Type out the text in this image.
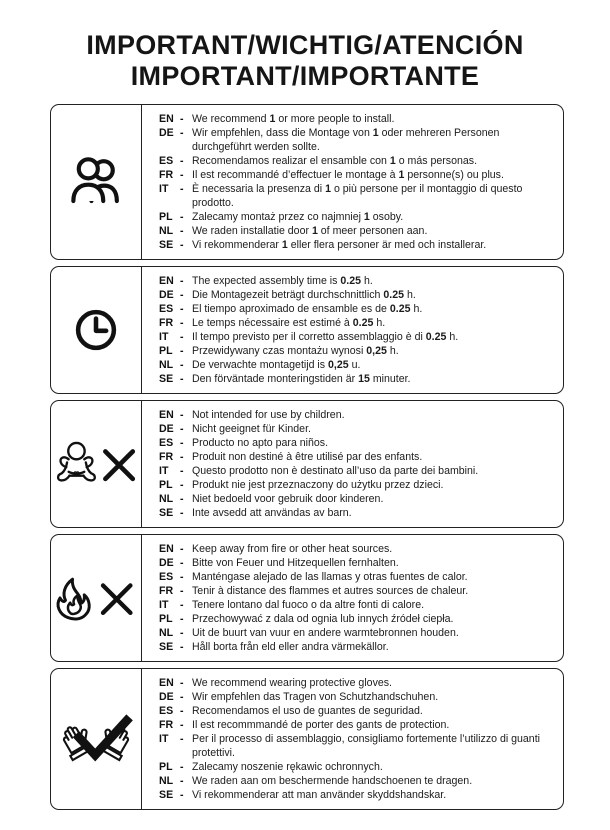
IMPORTANT/WICHTIG/ATENCIÓN
IMPORTANT/IMPORTANTE
EN - We recommend 1 or more people to install.
DE - Wir empfehlen, dass die Montage von 1 oder mehreren Personen durchgeführt werden sollte.
ES - Recomendamos realizar el ensamble con 1 o más personas.
FR - Il est recommandé d’effectuer le montage à 1 personne(s) ou plus.
IT - È necessaria la presenza di 1 o più persone per il montaggio di questo prodotto.
PL - Zalecamy montaż przez co najmniej 1 osoby.
NL - We raden installatie door 1 of meer personen aan.
SE - Vi rekommenderar 1 eller flera personer är med och installerar.
EN - The expected assembly time is 0.25 h.
DE - Die Montagezeit beträgt durchschnittlich 0.25 h.
ES - El tiempo aproximado de ensamble es de 0.25 h.
FR - Le temps nécessaire est estimé à 0.25 h.
IT - Il tempo previsto per il corretto assemblaggio è di 0.25 h.
PL - Przewidywany czas montażu wynosi 0,25 h.
NL - De verwachte montagetijd is 0,25 u.
SE - Den förväntade monteringstiden är 15 minuter.
EN - Not intended for use by children.
DE - Nicht geeignet für Kinder.
ES - Producto no apto para niños.
FR - Produit non destiné à être utilisé par des enfants.
IT - Questo prodotto non è destinato all’uso da parte dei bambini.
PL - Produkt nie jest przeznaczony do użytku przez dzieci.
NL - Niet bedoeld voor gebruik door kinderen.
SE - Inte avsedd att användas av barn.
EN - Keep away from fire or other heat sources.
DE - Bitte von Feuer und Hitzequellen fernhalten.
ES - Manténgase alejado de las llamas y otras fuentes de calor.
FR - Tenir à distance des flammes et autres sources de chaleur.
IT - Tenere lontano dal fuoco o da altre fonti di calore.
PL - Przechowywać z dala od ognia lub innych źródeł ciepła.
NL - Uit de buurt van vuur en andere warmtebronnen houden.
SE - Håll borta från eld eller andra värmekällor.
EN - We recommend wearing protective gloves.
DE - Wir empfehlen das Tragen von Schutzhandschuhen.
ES - Recomendamos el uso de guantes de seguridad.
FR - Il est recommmandé de porter des gants de protection.
IT - Per il processo di assemblaggio, consigliamo fortemente l’utilizzo di guanti protettivi.
PL - Zalecamy noszenie rękawic ochronnych.
NL - We raden aan om beschermende handschoenen te dragen.
SE - Vi rekommenderar att man använder skyddshandskar.
